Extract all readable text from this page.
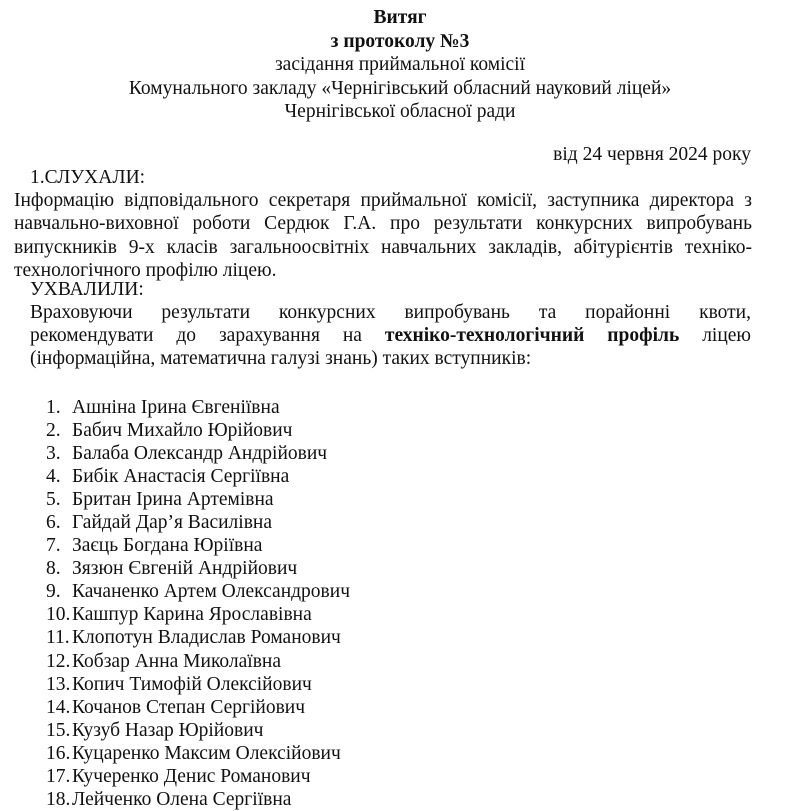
Витяг
з протоколу №3
засідання приймальної комісії
Комунального закладу «Чернігівський обласний науковий ліцей»
Чернігівської обласної ради
від 24 червня 2024 року
1.СЛУХАЛИ:
Інформацію відповідального секретаря приймальної комісії, заступника директора з
навчально-виховної роботи Сердюк Г.А. про результати конкурсних випробувань
випускників 9-х класів загальноосвітніх навчальних закладів, абітурієнтів техніко-
технологічного профілю ліцею.
УХВАЛИЛИ:
Враховуючи результати конкурсних випробувань та порайонні квоти,
рекомендувати до зарахування на техніко-технологічний профіль ліцею
(інформаційна, математична галузі знань) таких вступників:
1. Ашніна Ірина Євгеніївна
2. Бабич Михайло Юрійович
3. Балаба Олександр Андрійович
4. Бибік Анастасія Сергіївна
5. Британ Ірина Артемівна
6. Гайдай Дар’я Василівна
7. Заєць Богдана Юріївна
8. Зязюн Євгеній Андрійович
9. Качаненко Артем Олександрович
10. Кашпур Карина Ярославівна
11. Клопотун Владислав Романович
12. Кобзар Анна Миколаївна
13. Копич Тимофій Олексійович
14. Кочанов Степан Сергійович
15. Кузуб Назар Юрійович
16. Куцаренко Максим Олексійович
17. Кучеренко Денис Романович
18. Лейченко Олена Сергіївна
